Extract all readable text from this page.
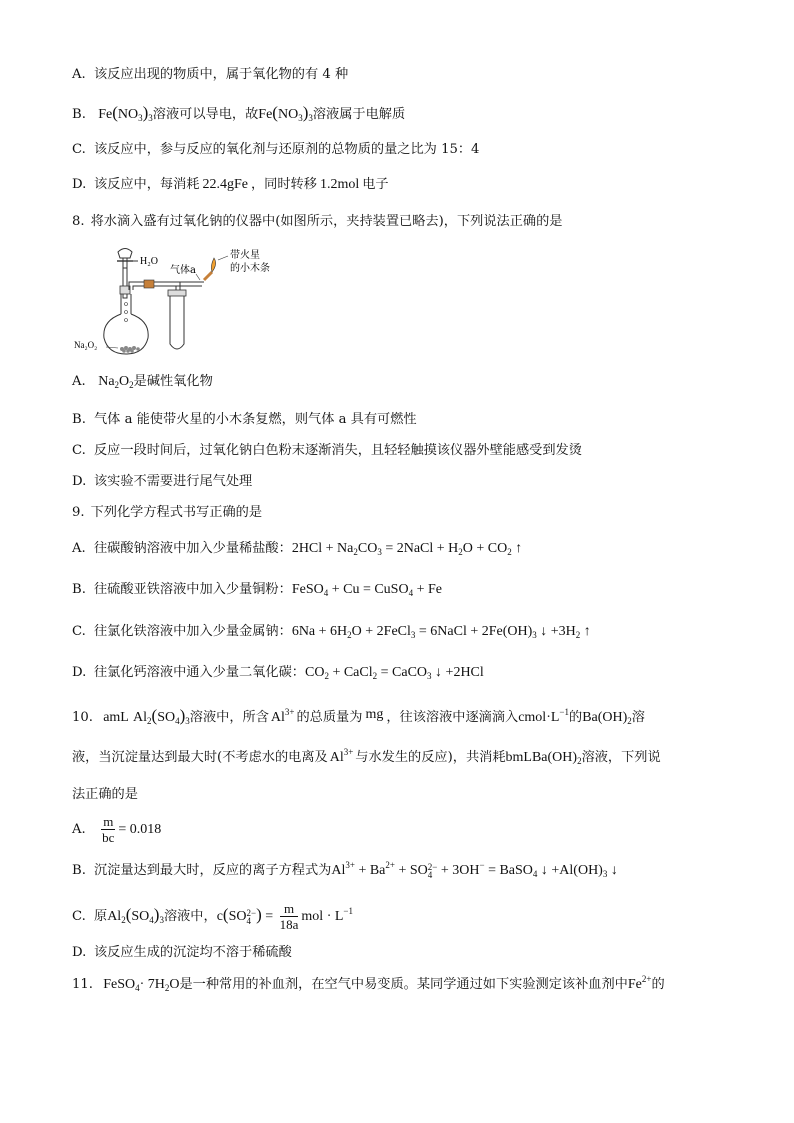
A. 该反应出现的物质中，属于氧化物的有 4 种
B. $Fe(NO_3)_3$溶液可以导电，故$Fe(NO_3)_3$溶液属于电解质
C. 该反应中，参与反应的氧化剂与还原剂的总物质的量之比为 15：4
D. 该反应中，每消耗 22.4gFe ，同时转移 1.2mol 电子
8. 将水滴入盛有过氧化钠的仪器中(如图所示，夹持装置已略去)，下列说法正确的是
H₂O
Na₂O₂
气体a
带火星
的小木条
A. $Na_2O_2$是碱性氧化物
B. 气体 a 能使带火星的小木条复燃，则气体 a 具有可燃性
C. 反应一段时间后，过氧化钠白色粉末逐渐消失，且轻轻触摸该仪器外壁能感受到发烫
D. 该实验不需要进行尾气处理
9. 下列化学方程式书写正确的是
A. 往碳酸钠溶液中加入少量稀盐酸：$2HCl + Na_2CO_3$ = 2NaCl + $H_2O + CO_2$ ↑
B. 往硫酸亚铁溶液中加入少量铜粉：FeSO$_4$ + Cu = CuSO$_4$ + Fe
C. 往氯化铁溶液中加入少量金属钠：$6Na + 6H_2O$ + 2FeCl$_3$ = 6NaCl + $2Fe(OH)_3$ ↓ $+3H_2$ ↑
D. 往氯化钙溶液中通入少量二氧化碳：$CO_2$ + CaCl$_2$ = CaCO$_3$ ↓ +2HCl
10. amL $Al_2(SO_4)_3$溶液中，所含 $Al^{3+}$ 的总质量为 mg ，往该溶液中逐滴滴入$cmol\cdot L^{-1}$的$Ba(OH)_2$溶
液，当沉淀量达到最大时(不考虑水的电离及 $Al^{3+}$ 与水发生的反应)，共消耗$bmLBa(OH)_2$溶液，下列说
法正确的是
A. $\frac{m}{bc} = 0.018$
B. 沉淀量达到最大时，反应的离子方程式为$Al^{3+} + Ba^{2+}$ + SO 2−
4 + 3OH− = BaSO$_4$ ↓ $+Al(OH)_3$ ↓
C. 原$Al_2(SO_4)_3$溶液中，c(SO 2−
4 ) = $\frac{m}{18a}$ mol · $L^{-1}$
D. 该反应生成的沉淀均不溶于稀硫酸
11. FeSO$_4$· $7H_2O$是一种常用的补血剂，在空气中易变质。某同学通过如下实验测定该补血剂中$Fe^{2+}$的
